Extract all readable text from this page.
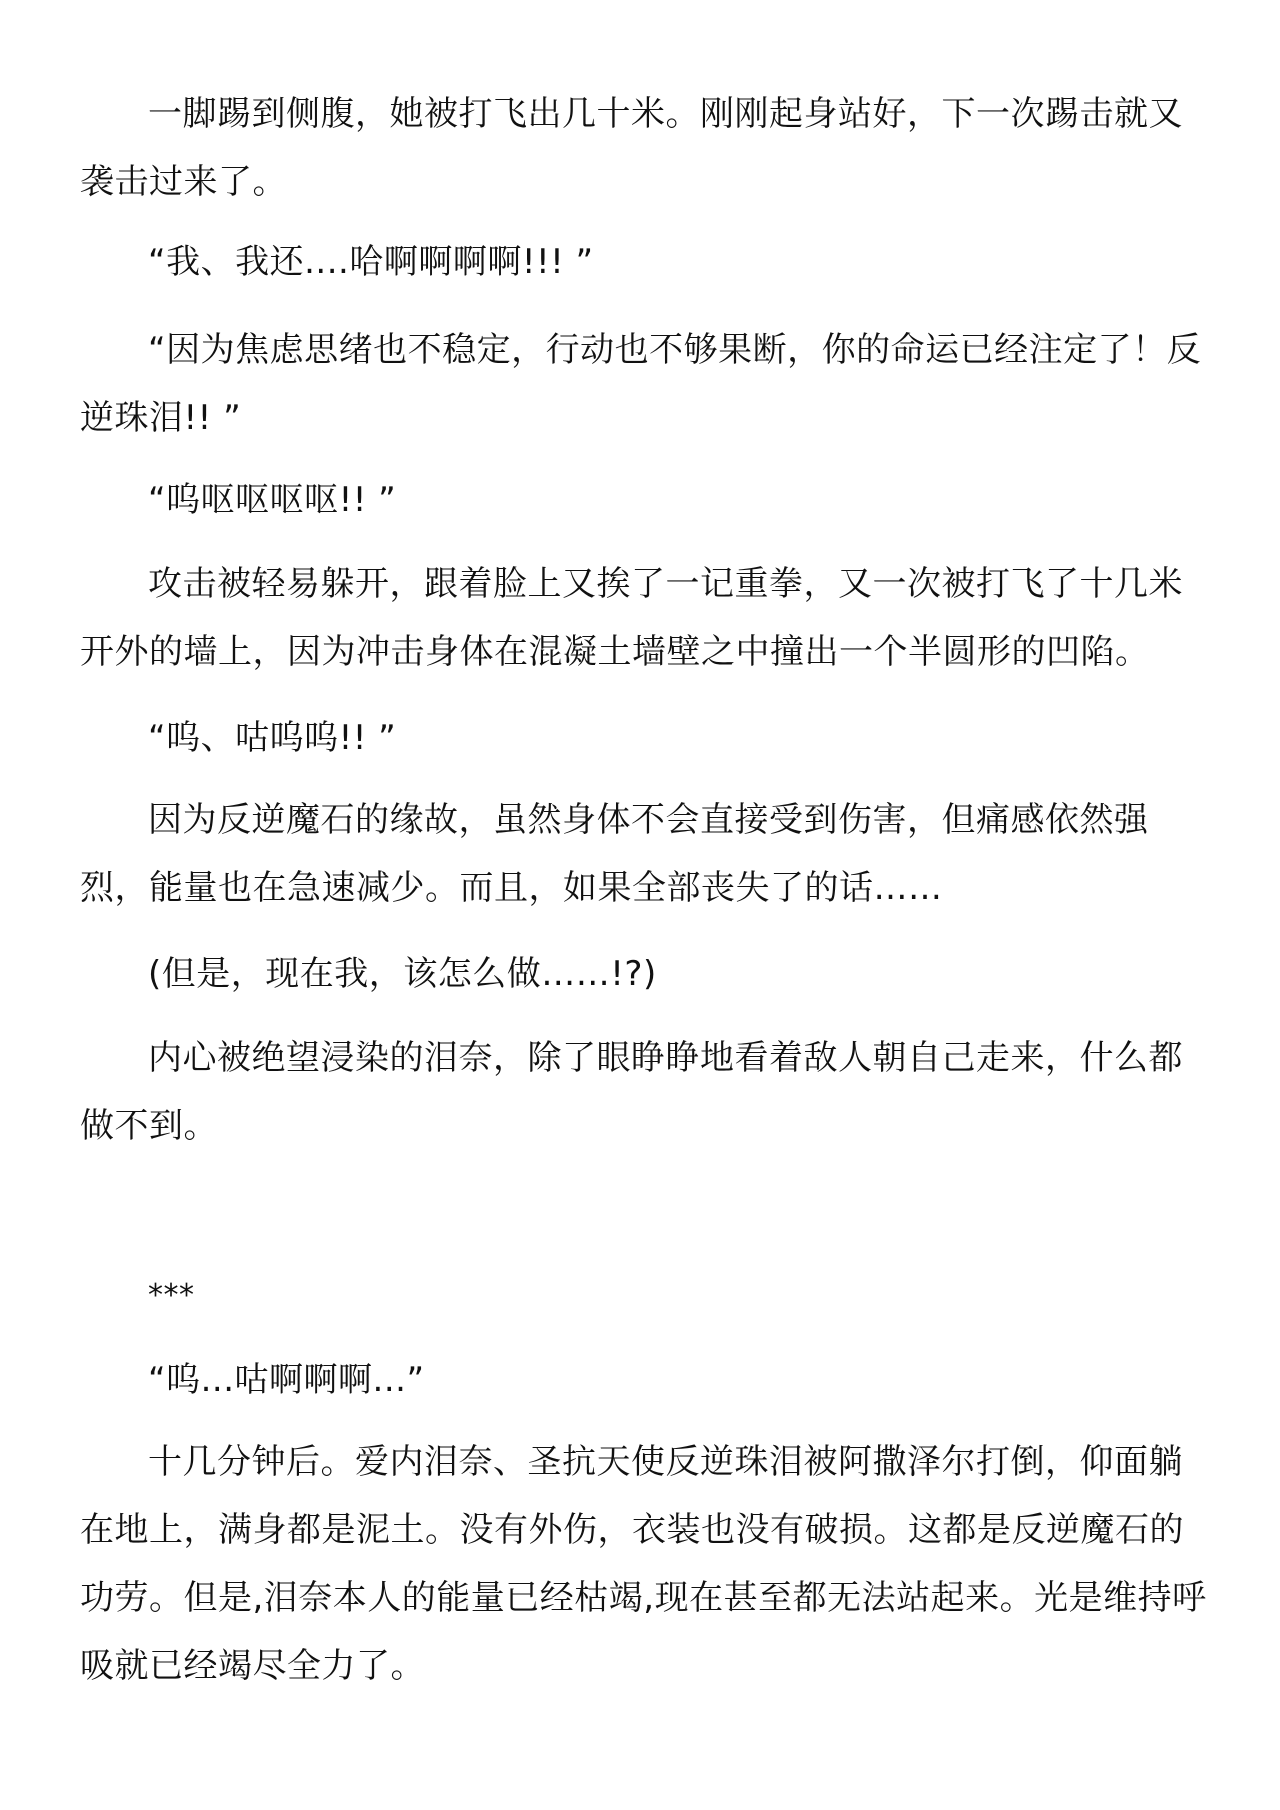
一脚踢到侧腹，她被打飞出几十米。刚刚起身站好，下一次踢击就又袭击过来了。

“我、我还....哈啊啊啊啊!!! ”

“因为焦虑思绪也不稳定，行动也不够果断，你的命运已经注定了！反逆珠泪!! ”

“呜呕呕呕呕!! ”

攻击被轻易躲开，跟着脸上又挨了一记重拳，又一次被打飞了十几米开外的墙上，因为冲击身体在混凝土墙壁之中撞出一个半圆形的凹陷。

“呜、咕呜呜!! ”

因为反逆魔石的缘故，虽然身体不会直接受到伤害，但痛感依然强烈，能量也在急速减少。而且，如果全部丧失了的话……

(但是，现在我，该怎么做……!?)

内心被绝望浸染的泪奈，除了眼睁睁地看着敌人朝自己走来，什么都做不到。

***

“呜...咕啊啊啊...”

十几分钟后。爱内泪奈、圣抗天使反逆珠泪被阿撒泽尔打倒，仰面躺在地上，满身都是泥土。没有外伤，衣装也没有破损。这都是反逆魔石的功劳。但是,泪奈本人的能量已经枯竭,现在甚至都无法站起来。光是维持呼吸就已经竭尽全力了。
